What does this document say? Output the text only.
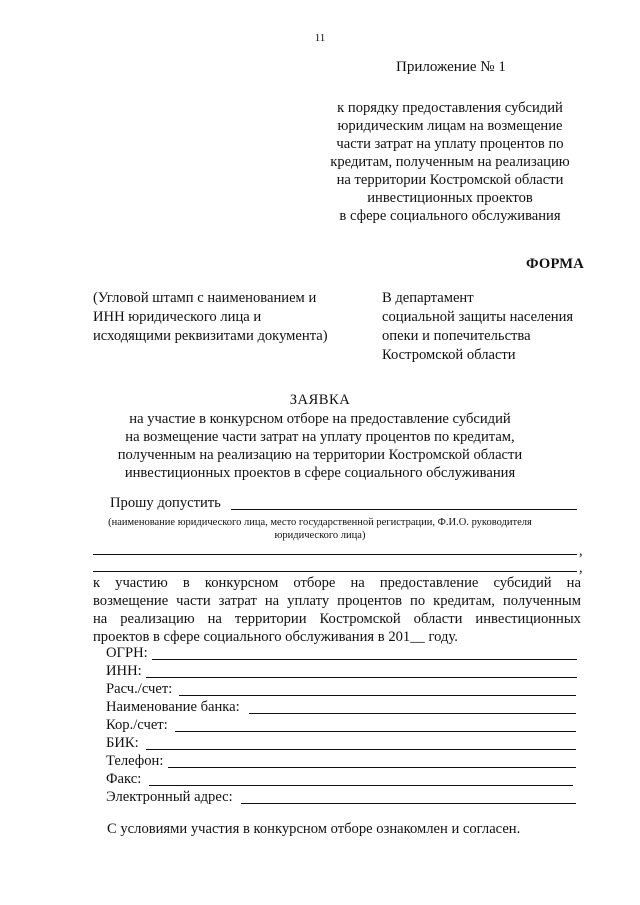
11
Приложение № 1
к порядку предоставления субсидий
юридическим лицам на возмещение
части затрат на уплату процентов по
кредитам, полученным на реализацию
на территории Костромской области
инвестиционных проектов
в сфере социального обслуживания
ФОРМА
(Угловой штамп с наименованием и
ИНН юридического лица и
исходящими реквизитами документа)
В департамент
социальной защиты населения
опеки и попечительства
Костромской области
ЗАЯВКА
на участие в конкурсном отборе на предоставление субсидий
на возмещение части затрат на уплату процентов по кредитам,
полученным на реализацию на территории Костромской области
инвестиционных проектов в сфере социального обслуживания
Прошу допустить
(наименование юридического лица, место государственной регистрации, Ф.И.О. руководителя
юридического лица)
,
,
к участию в конкурсном отборе на предоставление субсидий на
возмещение части затрат на уплату процентов по кредитам, полученным
на реализацию на территории Костромской области инвестиционных
проектов в сфере социального обслуживания в 201__ году.
ОГРН:
ИНН:
Расч./счет:
Наименование банка:
Кор./счет:
БИК:
Телефон:
Факс:
Электронный адрес:
С условиями участия в конкурсном отборе ознакомлен и согласен.
